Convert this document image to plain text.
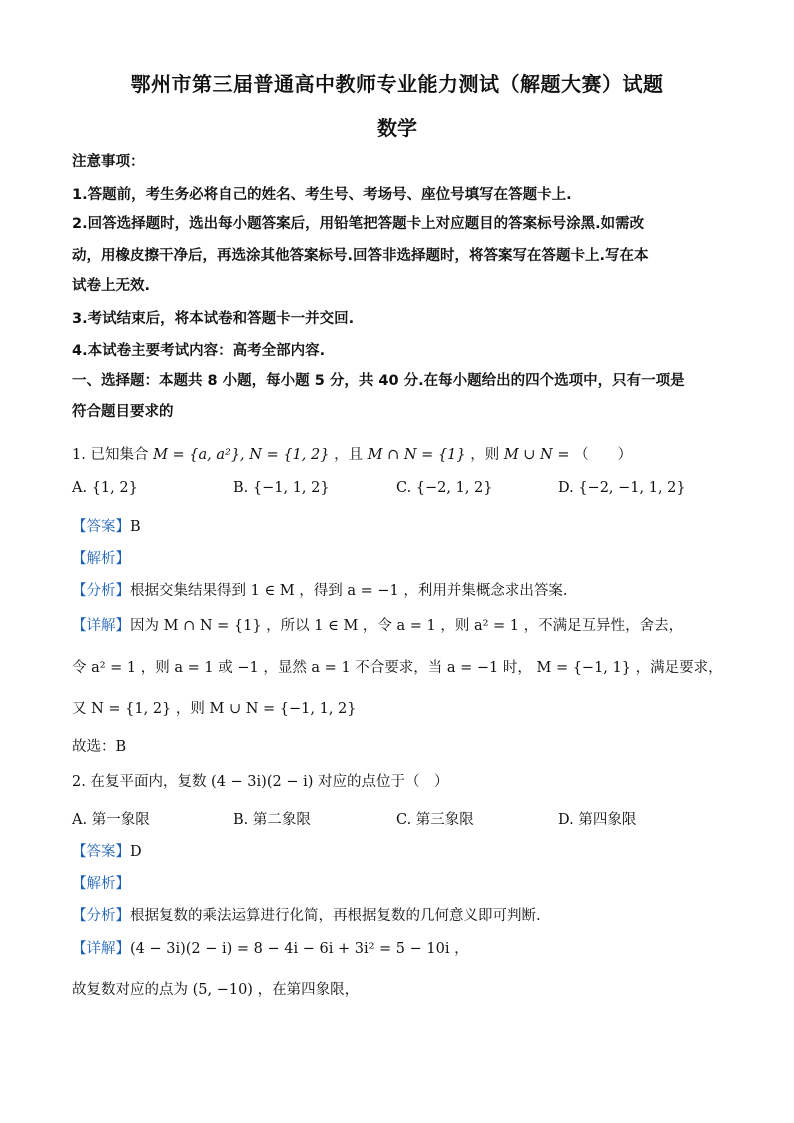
鄂州市第三届普通高中教师专业能力测试（解题大赛）试题
数学
注意事项：
1.答题前，考生务必将自己的姓名、考生号、考场号、座位号填写在答题卡上.
2.回答选择题时，选出每小题答案后，用铅笔把答题卡上对应题目的答案标号涂黑.如需改
动，用橡皮擦干净后，再选涂其他答案标号.回答非选择题时，将答案写在答题卡上.写在本
试卷上无效.
3.考试结束后，将本试卷和答题卡一并交回.
4.本试卷主要考试内容：高考全部内容.
一、选择题：本题共 8 小题，每小题 5 分，共 40 分.在每小题给出的四个选项中，只有一项是
符合题目要求的
1. 已知集合 M = {a, a²}, N = {1, 2} ，且 M ∩ N = {1} ，则 M ∪ N = （　　）
A. {1, 2}	B. {−1, 1, 2}	C. {−2, 1, 2}	D. {−2, −1, 1, 2}
【答案】B
【解析】
【分析】根据交集结果得到 1 ∈ M ，得到 a = −1 ，利用并集概念求出答案.
【详解】因为 M ∩ N = {1} ，所以 1 ∈ M ，令 a = 1 ，则 a² = 1 ，不满足互异性，舍去，
令 a² = 1 ，则 a = 1 或 −1 ，显然 a = 1 不合要求，当 a = −1 时， M = {−1, 1} ，满足要求，
又 N = {1, 2} ，则 M ∪ N = {−1, 1, 2}
故选：B
2. 在复平面内，复数 (4 − 3i)(2 − i) 对应的点位于（　）
A. 第一象限	B. 第二象限	C. 第三象限	D. 第四象限
【答案】D
【解析】
【分析】根据复数的乘法运算进行化简，再根据复数的几何意义即可判断.
【详解】(4 − 3i)(2 − i) = 8 − 4i − 6i + 3i² = 5 − 10i ，
故复数对应的点为 (5, −10) ，在第四象限，
